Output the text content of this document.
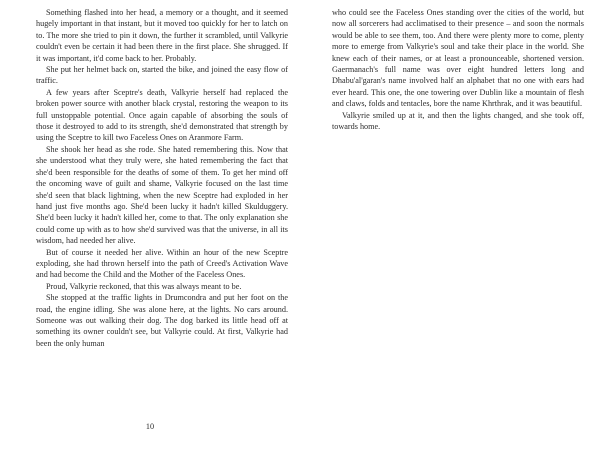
Something flashed into her head, a memory or a thought, and it seemed hugely important in that instant, but it moved too quickly for her to latch on to. The more she tried to pin it down, the further it scrambled, until Valkyrie couldn't even be certain it had been there in the first place. She shrugged. If it was important, it'd come back to her. Probably.

She put her helmet back on, started the bike, and joined the easy flow of traffic.

A few years after Sceptre's death, Valkyrie herself had replaced the broken power source with another black crystal, restoring the weapon to its full unstoppable potential. Once again capable of absorbing the souls of those it destroyed to add to its strength, she'd demonstrated that strength by using the Sceptre to kill two Faceless Ones on Aranmore Farm.

She shook her head as she rode. She hated remembering this. Now that she understood what they truly were, she hated remembering the fact that she'd been responsible for the deaths of some of them. To get her mind off the oncoming wave of guilt and shame, Valkyrie focused on the last time she'd seen that black lightning, when the new Sceptre had exploded in her hand just five months ago. She'd been lucky it hadn't killed Skulduggery. She'd been lucky it hadn't killed her, come to that. The only explanation she could come up with as to how she'd survived was that the universe, in all its wisdom, had needed her alive.

But of course it needed her alive. Within an hour of the new Sceptre exploding, she had thrown herself into the path of Creed's Activation Wave and had become the Child and the Mother of the Faceless Ones.

Proud, Valkyrie reckoned, that this was always meant to be.

She stopped at the traffic lights in Drumcondra and put her foot on the road, the engine idling. She was alone here, at the lights. No cars around. Someone was out walking their dog. The dog barked its little head off at something its owner couldn't see, but Valkyrie could. At first, Valkyrie had been the only human

10

who could see the Faceless Ones standing over the cities of the world, but now all sorcerers had acclimatised to their presence – and soon the normals would be able to see them, too. And there were plenty more to come, plenty more to emerge from Valkyrie's soul and take their place in the world. She knew each of their names, or at least a pronounceable, shortened version. Gaermanach's full name was over eight hundred letters long and Dhabu'al'garan's name involved half an alphabet that no one with ears had ever heard. This one, the one towering over Dublin like a mountain of flesh and claws, folds and tentacles, bore the name Khrthrak, and it was beautiful.

Valkyrie smiled up at it, and then the lights changed, and she took off, towards home.
